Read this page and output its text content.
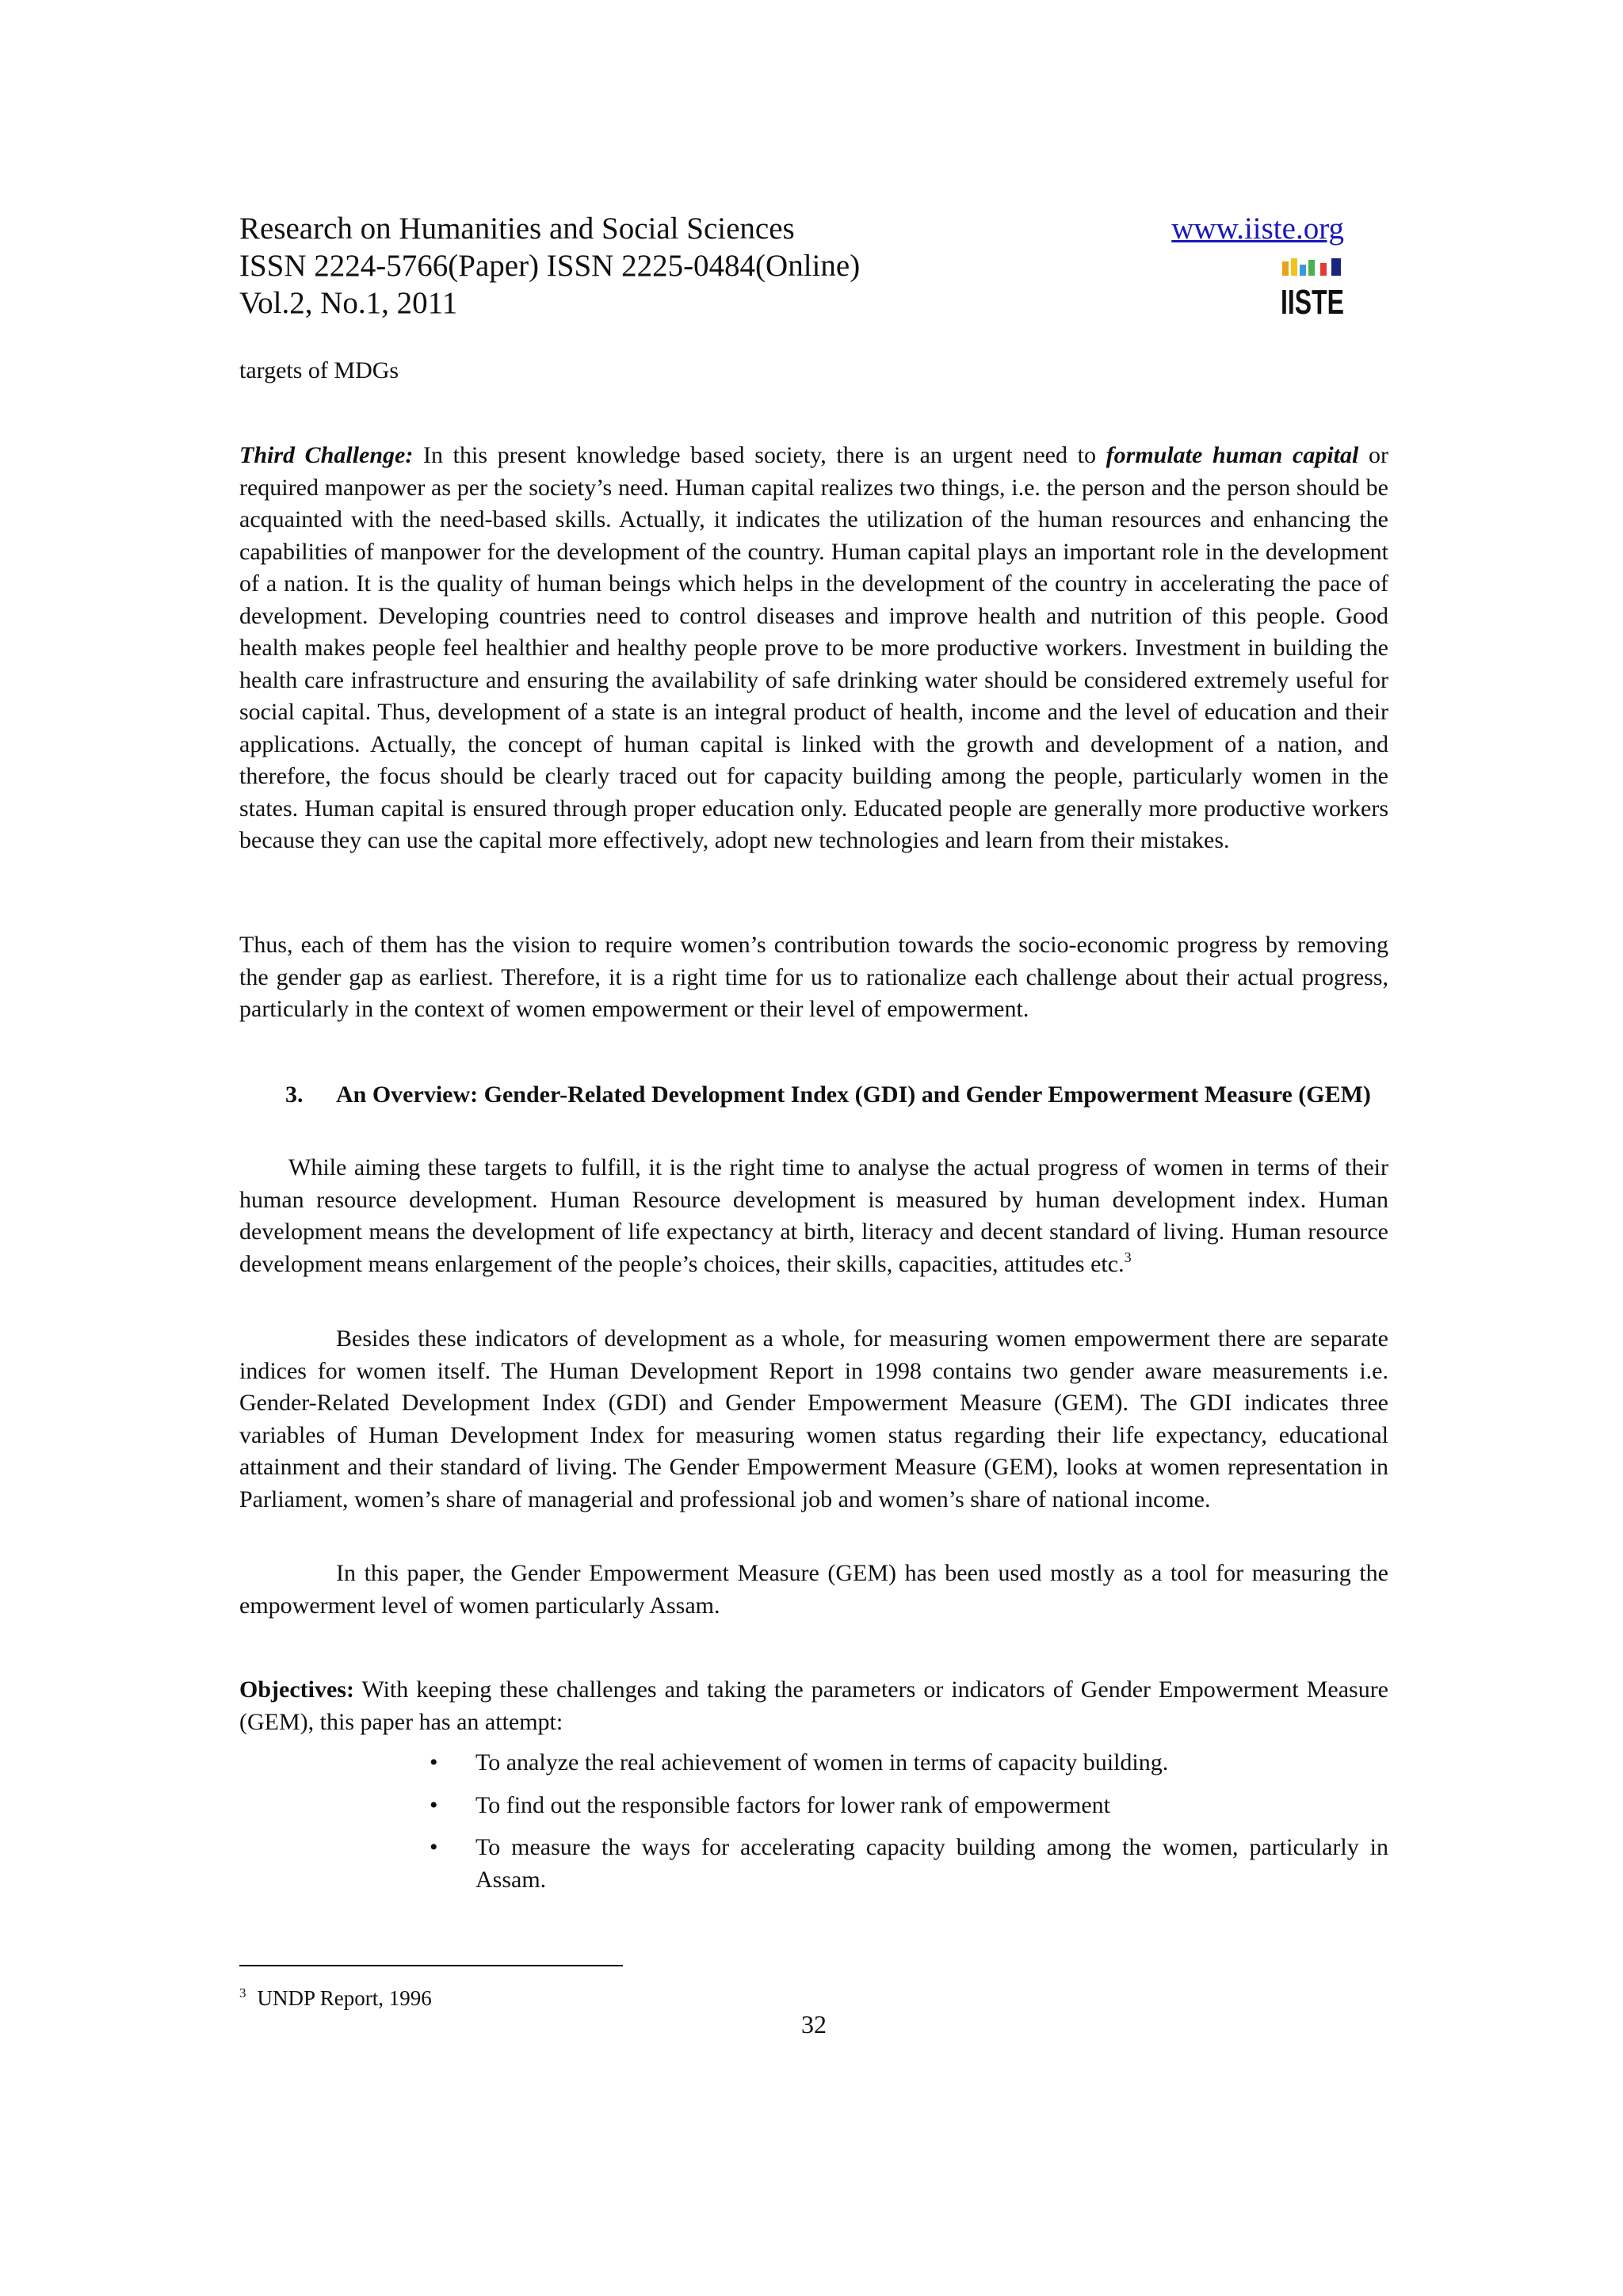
Research on Humanities and Social Sciences
ISSN 2224-5766(Paper) ISSN 2225-0484(Online)
Vol.2, No.1, 2011
www.iiste.org
IISTE

targets of MDGs

Third Challenge: In this present knowledge based society, there is an urgent need to formulate human capital or required manpower as per the society’s need. Human capital realizes two things, i.e. the person and the person should be acquainted with the need-based skills. Actually, it indicates the utilization of the human resources and enhancing the capabilities of manpower for the development of the country. Human capital plays an important role in the development of a nation. It is the quality of human beings which helps in the development of the country in accelerating the pace of development. Developing countries need to control diseases and improve health and nutrition of this people. Good health makes people feel healthier and healthy people prove to be more productive workers. Investment in building the health care infrastructure and ensuring the availability of safe drinking water should be considered extremely useful for social capital. Thus, development of a state is an integral product of health, income and the level of education and their applications. Actually, the concept of human capital is linked with the growth and development of a nation, and therefore, the focus should be clearly traced out for capacity building among the people, particularly women in the states. Human capital is ensured through proper education only. Educated people are generally more productive workers because they can use the capital more effectively, adopt new technologies and learn from their mistakes.

Thus, each of them has the vision to require women’s contribution towards the socio-economic progress by removing the gender gap as earliest. Therefore, it is a right time for us to rationalize each challenge about their actual progress, particularly in the context of women empowerment or their level of empowerment.

3. An Overview: Gender-Related Development Index (GDI) and Gender Empowerment Measure (GEM)

While aiming these targets to fulfill, it is the right time to analyse the actual progress of women in terms of their human resource development. Human Resource development is measured by human development index. Human development means the development of life expectancy at birth, literacy and decent standard of living. Human resource development means enlargement of the people’s choices, their skills, capacities, attitudes etc.$^3$

Besides these indicators of development as a whole, for measuring women empowerment there are separate indices for women itself. The Human Development Report in 1998 contains two gender aware measurements i.e. Gender-Related Development Index (GDI) and Gender Empowerment Measure (GEM). The GDI indicates three variables of Human Development Index for measuring women status regarding their life expectancy, educational attainment and their standard of living. The Gender Empowerment Measure (GEM), looks at women representation in Parliament, women’s share of managerial and professional job and women’s share of national income.

In this paper, the Gender Empowerment Measure (GEM) has been used mostly as a tool for measuring the empowerment level of women particularly Assam.

Objectives: With keeping these challenges and taking the parameters or indicators of Gender Empowerment Measure (GEM), this paper has an attempt:

• To analyze the real achievement of women in terms of capacity building.
• To find out the responsible factors for lower rank of empowerment
• To measure the ways for accelerating capacity building among the women, particularly in Assam.
$^3$ UNDP Report, 1996
32
